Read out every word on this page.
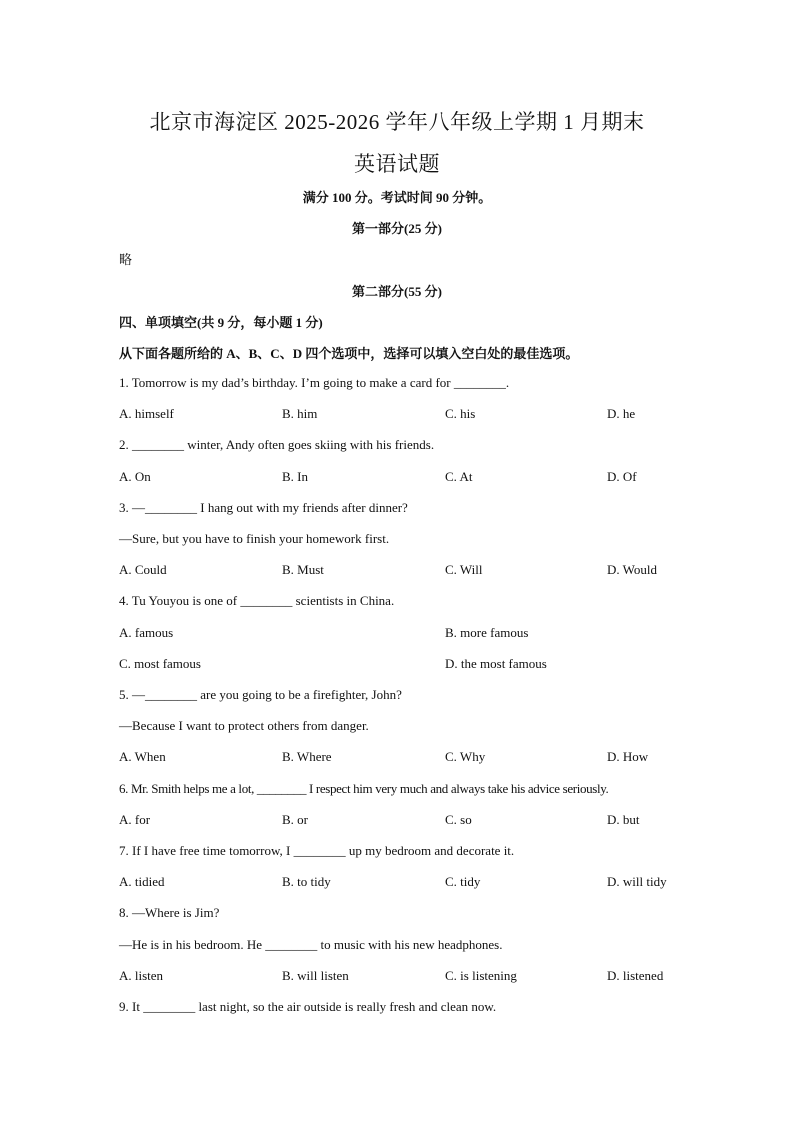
北京市海淀区 2025-2026 学年八年级上学期 1 月期末
英语试题
满分 100 分。考试时间 90 分钟。
第一部分(25 分)
略
第二部分(55 分)
四、单项填空(共 9 分，每小题 1 分)
从下面各题所给的 A、B、C、D 四个选项中，选择可以填入空白处的最佳选项。
1. Tomorrow is my dad’s birthday. I’m going to make a card for ________.
A. himself	B. him	C. his	D. he
2. ________ winter, Andy often goes skiing with his friends.
A. On	B. In	C. At	D. Of
3. —________ I hang out with my friends after dinner?
—Sure, but you have to finish your homework first.
A. Could	B. Must	C. Will	D. Would
4. Tu Youyou is one of ________ scientists in China.
A. famous	B. more famous
C. most famous	D. the most famous
5. —________ are you going to be a firefighter, John?
—Because I want to protect others from danger.
A. When	B. Where	C. Why	D. How
6. Mr. Smith helps me a lot, ________ I respect him very much and always take his advice seriously.
A. for	B. or	C. so	D. but
7. If I have free time tomorrow, I ________ up my bedroom and decorate it.
A. tidied	B. to tidy	C. tidy	D. will tidy
8. —Where is Jim?
—He is in his bedroom. He ________ to music with his new headphones.
A. listen	B. will listen	C. is listening	D. listened
9. It ________ last night, so the air outside is really fresh and clean now.
